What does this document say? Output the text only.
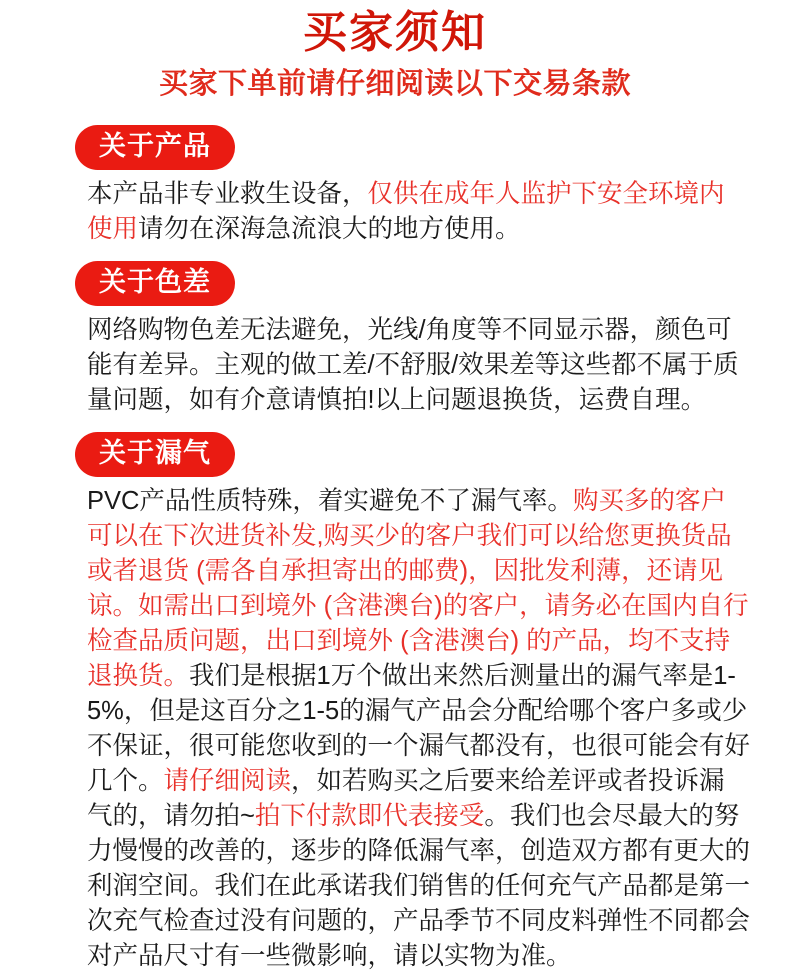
买家须知
买家下单前请仔细阅读以下交易条款
关于产品
本产品非专业救生设备，仅供在成年人监护下安全环境内使用请勿在深海急流浪大的地方使用。
关于色差
网络购物色差无法避免，光线/角度等不同显示器，颜色可能有差异。主观的做工差/不舒服/效果差等这些都不属于质量问题，如有介意请慎拍!以上问题退换货，运费自理。
关于漏气
PVC产品性质特殊，着实避免不了漏气率。购买多的客户可以在下次进货补发,购买少的客户我们可以给您更换货品或者退货 (需各自承担寄出的邮费)，因批发利薄，还请见谅。如需出口到境外 (含港澳台)的客户，请务必在国内自行检查品质问题，出口到境外 (含港澳台) 的产品，均不支持退换货。我们是根据1万个做出来然后测量出的漏气率是1-5%，但是这百分之1-5的漏气产品会分配给哪个客户多或少不保证，很可能您收到的一个漏气都没有，也很可能会有好几个。请仔细阅读，如若购买之后要来给差评或者投诉漏气的，请勿拍~拍下付款即代表接受。我们也会尽最大的努力慢慢的改善的，逐步的降低漏气率，创造双方都有更大的利润空间。我们在此承诺我们销售的任何充气产品都是第一次充气检查过没有问题的，产品季节不同皮料弹性不同都会对产品尺寸有一些微影响，请以实物为准。
